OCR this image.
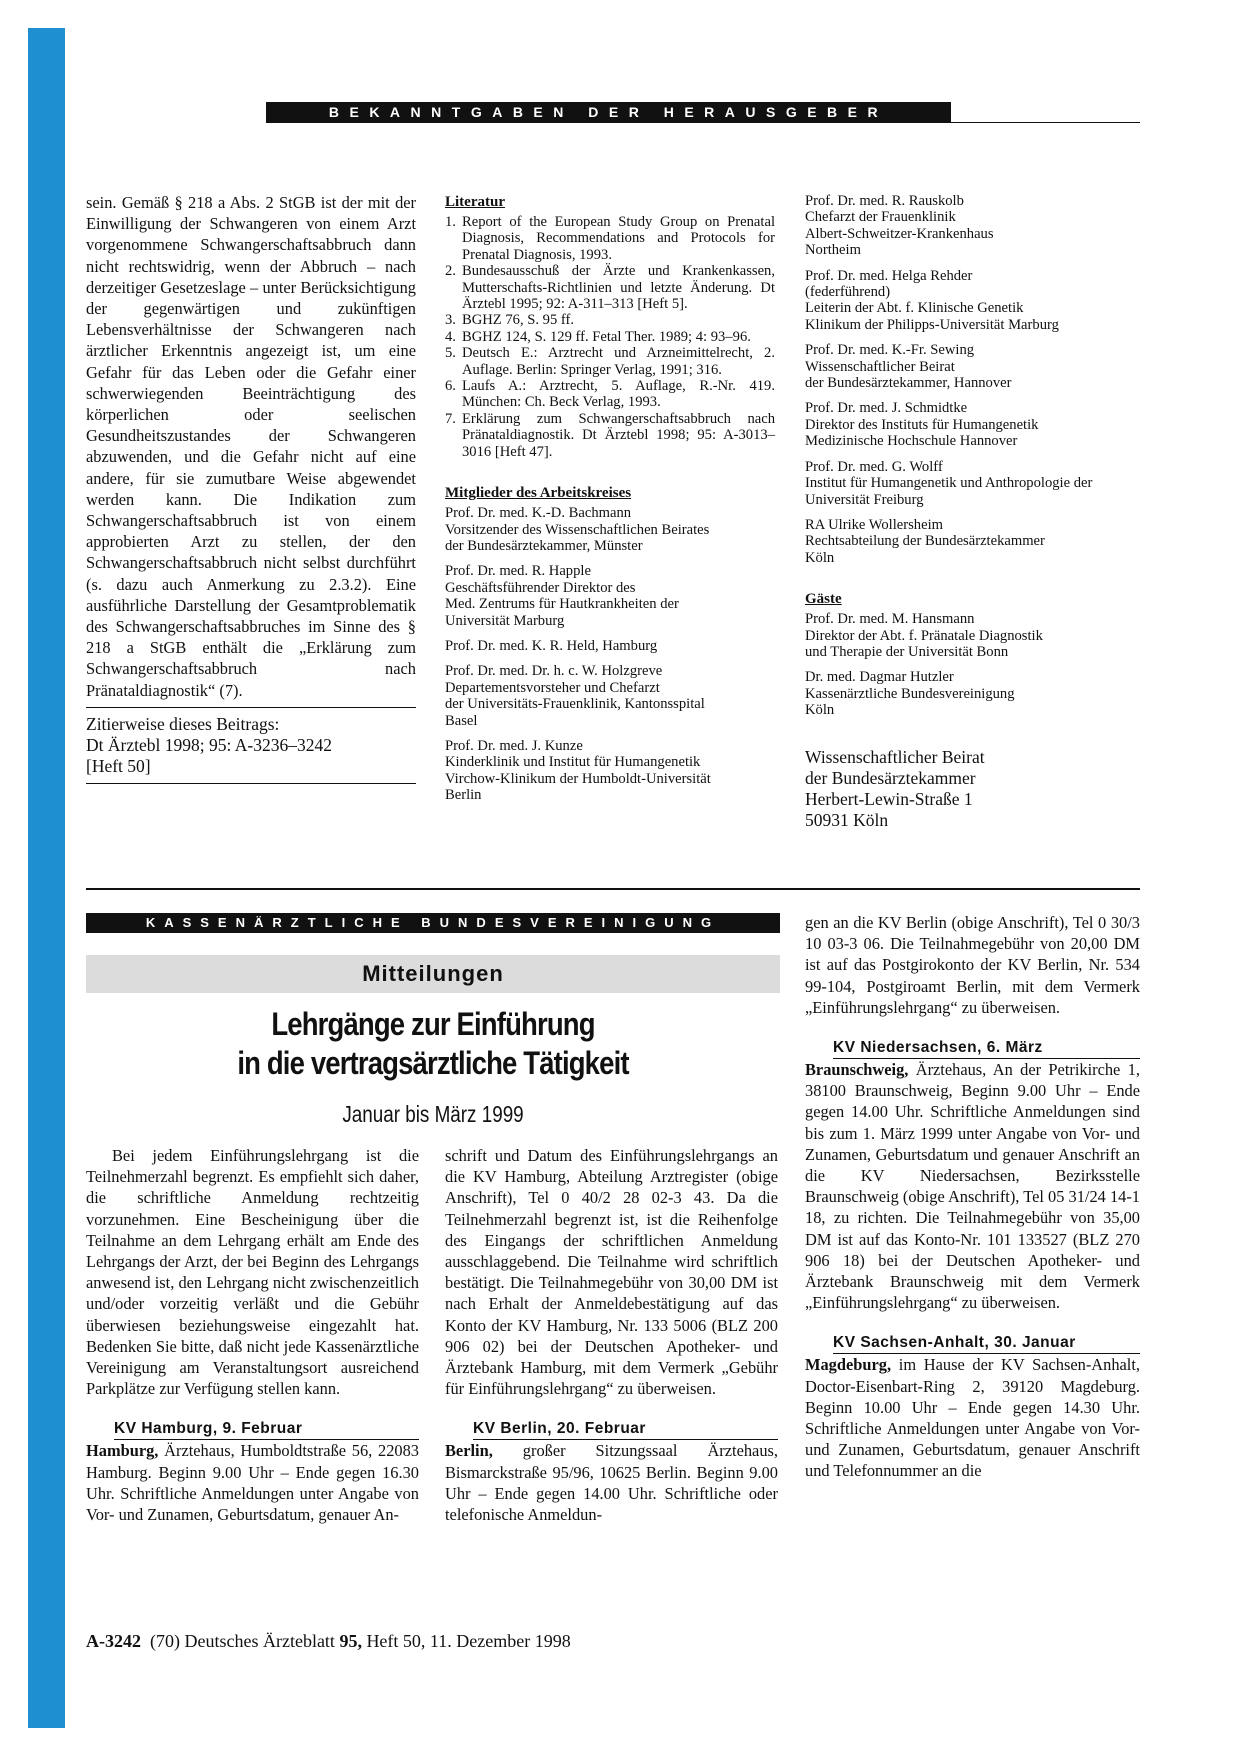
BEKANNTGABEN DER HERAUSGEBER

sein. Gemäß § 218 a Abs. 2 StGB ist der mit der Einwilligung der Schwangeren von einem Arzt vorgenommene Schwangerschaftsabbruch dann nicht rechtswidrig, wenn der Abbruch – nach derzeitiger Gesetzeslage – unter Berücksichtigung der gegenwärtigen und zukünftigen Lebensverhältnisse der Schwangeren nach ärztlicher Erkenntnis angezeigt ist, um eine Gefahr für das Leben oder die Gefahr einer schwerwiegenden Beeinträchtigung des körperlichen oder seelischen Gesundheitszustandes der Schwangeren abzuwenden, und die Gefahr nicht auf eine andere, für sie zumutbare Weise abgewendet werden kann. Die Indikation zum Schwangerschaftsabbruch ist von einem approbierten Arzt zu stellen, der den Schwangerschaftsabbruch nicht selbst durchführt (s. dazu auch Anmerkung zu 2.3.2). Eine ausführliche Darstellung der Gesamtproblematik des Schwangerschaftsabbruches im Sinne des § 218 a StGB enthält die „Erklärung zum Schwangerschaftsabbruch nach Pränataldiagnostik“ (7).

Zitierweise dieses Beitrags:
Dt Ärztebl 1998; 95: A-3236–3242
[Heft 50]
Literatur
1. Report of the European Study Group on Prenatal Diagnosis, Recommendations and Protocols for Prenatal Diagnosis, 1993.
2. Bundesausschuß der Ärzte und Krankenkassen, Mutterschafts-Richtlinien und letzte Änderung. Dt Ärztebl 1995; 92: A-311–313 [Heft 5].
3. BGHZ 76, S. 95 ff.
4. BGHZ 124, S. 129 ff. Fetal Ther. 1989; 4: 93–96.
5. Deutsch E.: Arztrecht und Arzneimittelrecht, 2. Auflage. Berlin: Springer Verlag, 1991; 316.
6. Laufs A.: Arztrecht, 5. Auflage, R.-Nr. 419. München: Ch. Beck Verlag, 1993.
7. Erklärung zum Schwangerschaftsabbruch nach Pränataldiagnostik. Dt Ärztebl 1998; 95: A-3013–3016 [Heft 47].
Mitglieder des Arbeitskreises
Prof. Dr. med. K.-D. Bachmann
Vorsitzender des Wissenschaftlichen Beirates
der Bundesärztekammer, Münster
Prof. Dr. med. R. Happle
Geschäftsführender Direktor des
Med. Zentrums für Hautkrankheiten der
Universität Marburg
Prof. Dr. med. K. R. Held, Hamburg
Prof. Dr. med. Dr. h. c. W. Holzgreve
Departementsvorsteher und Chefarzt
der Universitäts-Frauenklinik, Kantonsspital
Basel
Prof. Dr. med. J. Kunze
Kinderklinik und Institut für Humangenetik
Virchow-Klinikum der Humboldt-Universität
Berlin
Prof. Dr. med. R. Rauskolb
Chefarzt der Frauenklinik
Albert-Schweitzer-Krankenhaus
Northeim
Prof. Dr. med. Helga Rehder
(federführend)
Leiterin der Abt. f. Klinische Genetik
Klinikum der Philipps-Universität Marburg
Prof. Dr. med. K.-Fr. Sewing
Wissenschaftlicher Beirat
der Bundesärztekammer, Hannover
Prof. Dr. med. J. Schmidtke
Direktor des Instituts für Humangenetik
Medizinische Hochschule Hannover
Prof. Dr. med. G. Wolff
Institut für Humangenetik und Anthropologie der Universität Freiburg
RA Ulrike Wollersheim
Rechtsabteilung der Bundesärztekammer
Köln
Gäste
Prof. Dr. med. M. Hansmann
Direktor der Abt. f. Pränatale Diagnostik
und Therapie der Universität Bonn
Dr. med. Dagmar Hutzler
Kassenärztliche Bundesvereinigung
Köln
Wissenschaftlicher Beirat
der Bundesärztekammer
Herbert-Lewin-Straße 1
50931 Köln
KASSENÄRZTLICHE BUNDESVEREINIGUNG
Mitteilungen
Lehrgänge zur Einführung
in die vertragsärztliche Tätigkeit
Januar bis März 1999

Bei jedem Einführungslehrgang ist die Teilnehmerzahl begrenzt. Es empfiehlt sich daher, die schriftliche Anmeldung rechtzeitig vorzunehmen. Eine Bescheinigung über die Teilnahme an dem Lehrgang erhält am Ende des Lehrgangs der Arzt, der bei Beginn des Lehrgangs anwesend ist, den Lehrgang nicht zwischenzeitlich und/oder vorzeitig verläßt und die Gebühr überwiesen beziehungsweise eingezahlt hat. Bedenken Sie bitte, daß nicht jede Kassenärztliche Vereinigung am Veranstaltungsort ausreichend Parkplätze zur Verfügung stellen kann.

KV Hamburg, 9. Februar

Hamburg, Ärztehaus, Humboldtstraße 56, 22083 Hamburg. Beginn 9.00 Uhr – Ende gegen 16.30 Uhr. Schriftliche Anmeldungen unter Angabe von Vor- und Zunamen, Geburtsdatum, genauer An-

schrift und Datum des Einführungslehrgangs an die KV Hamburg, Abteilung Arztregister (obige Anschrift), Tel 0 40/2 28 02-3 43. Da die Teilnehmerzahl begrenzt ist, ist die Reihenfolge des Eingangs der schriftlichen Anmeldung ausschlaggebend. Die Teilnahme wird schriftlich bestätigt. Die Teilnahmegebühr von 30,00 DM ist nach Erhalt der Anmeldebestätigung auf das Konto der KV Hamburg, Nr. 133 5006 (BLZ 200 906 02) bei der Deutschen Apotheker- und Ärztebank Hamburg, mit dem Vermerk „Gebühr für Einführungslehrgang“ zu überweisen.

KV Berlin, 20. Februar

Berlin, großer Sitzungssaal Ärztehaus, Bismarckstraße 95/96, 10625 Berlin. Beginn 9.00 Uhr – Ende gegen 14.00 Uhr. Schriftliche oder telefonische Anmeldun-

gen an die KV Berlin (obige Anschrift), Tel 0 30/3 10 03-3 06. Die Teilnahmegebühr von 20,00 DM ist auf das Postgirokonto der KV Berlin, Nr. 534 99-104, Postgiroamt Berlin, mit dem Vermerk „Einführungslehrgang“ zu überweisen.

KV Niedersachsen, 6. März

Braunschweig, Ärztehaus, An der Petrikirche 1, 38100 Braunschweig, Beginn 9.00 Uhr – Ende gegen 14.00 Uhr. Schriftliche Anmeldungen sind bis zum 1. März 1999 unter Angabe von Vor- und Zunamen, Geburtsdatum und genauer Anschrift an die KV Niedersachsen, Bezirksstelle Braunschweig (obige Anschrift), Tel 05 31/24 14-1 18, zu richten. Die Teilnahmegebühr von 35,00 DM ist auf das Konto-Nr. 101 133527 (BLZ 270 906 18) bei der Deutschen Apotheker- und Ärztebank Braunschweig mit dem Vermerk „Einführungslehrgang“ zu überweisen.

KV Sachsen-Anhalt, 30. Januar

Magdeburg, im Hause der KV Sachsen-Anhalt, Doctor-Eisenbart-Ring 2, 39120 Magdeburg. Beginn 10.00 Uhr – Ende gegen 14.30 Uhr. Schriftliche Anmeldungen unter Angabe von Vor- und Zunamen, Geburtsdatum, genauer Anschrift und Telefonnummer an die

A-3242 (70) Deutsches Ärzteblatt 95, Heft 50, 11. Dezember 1998
